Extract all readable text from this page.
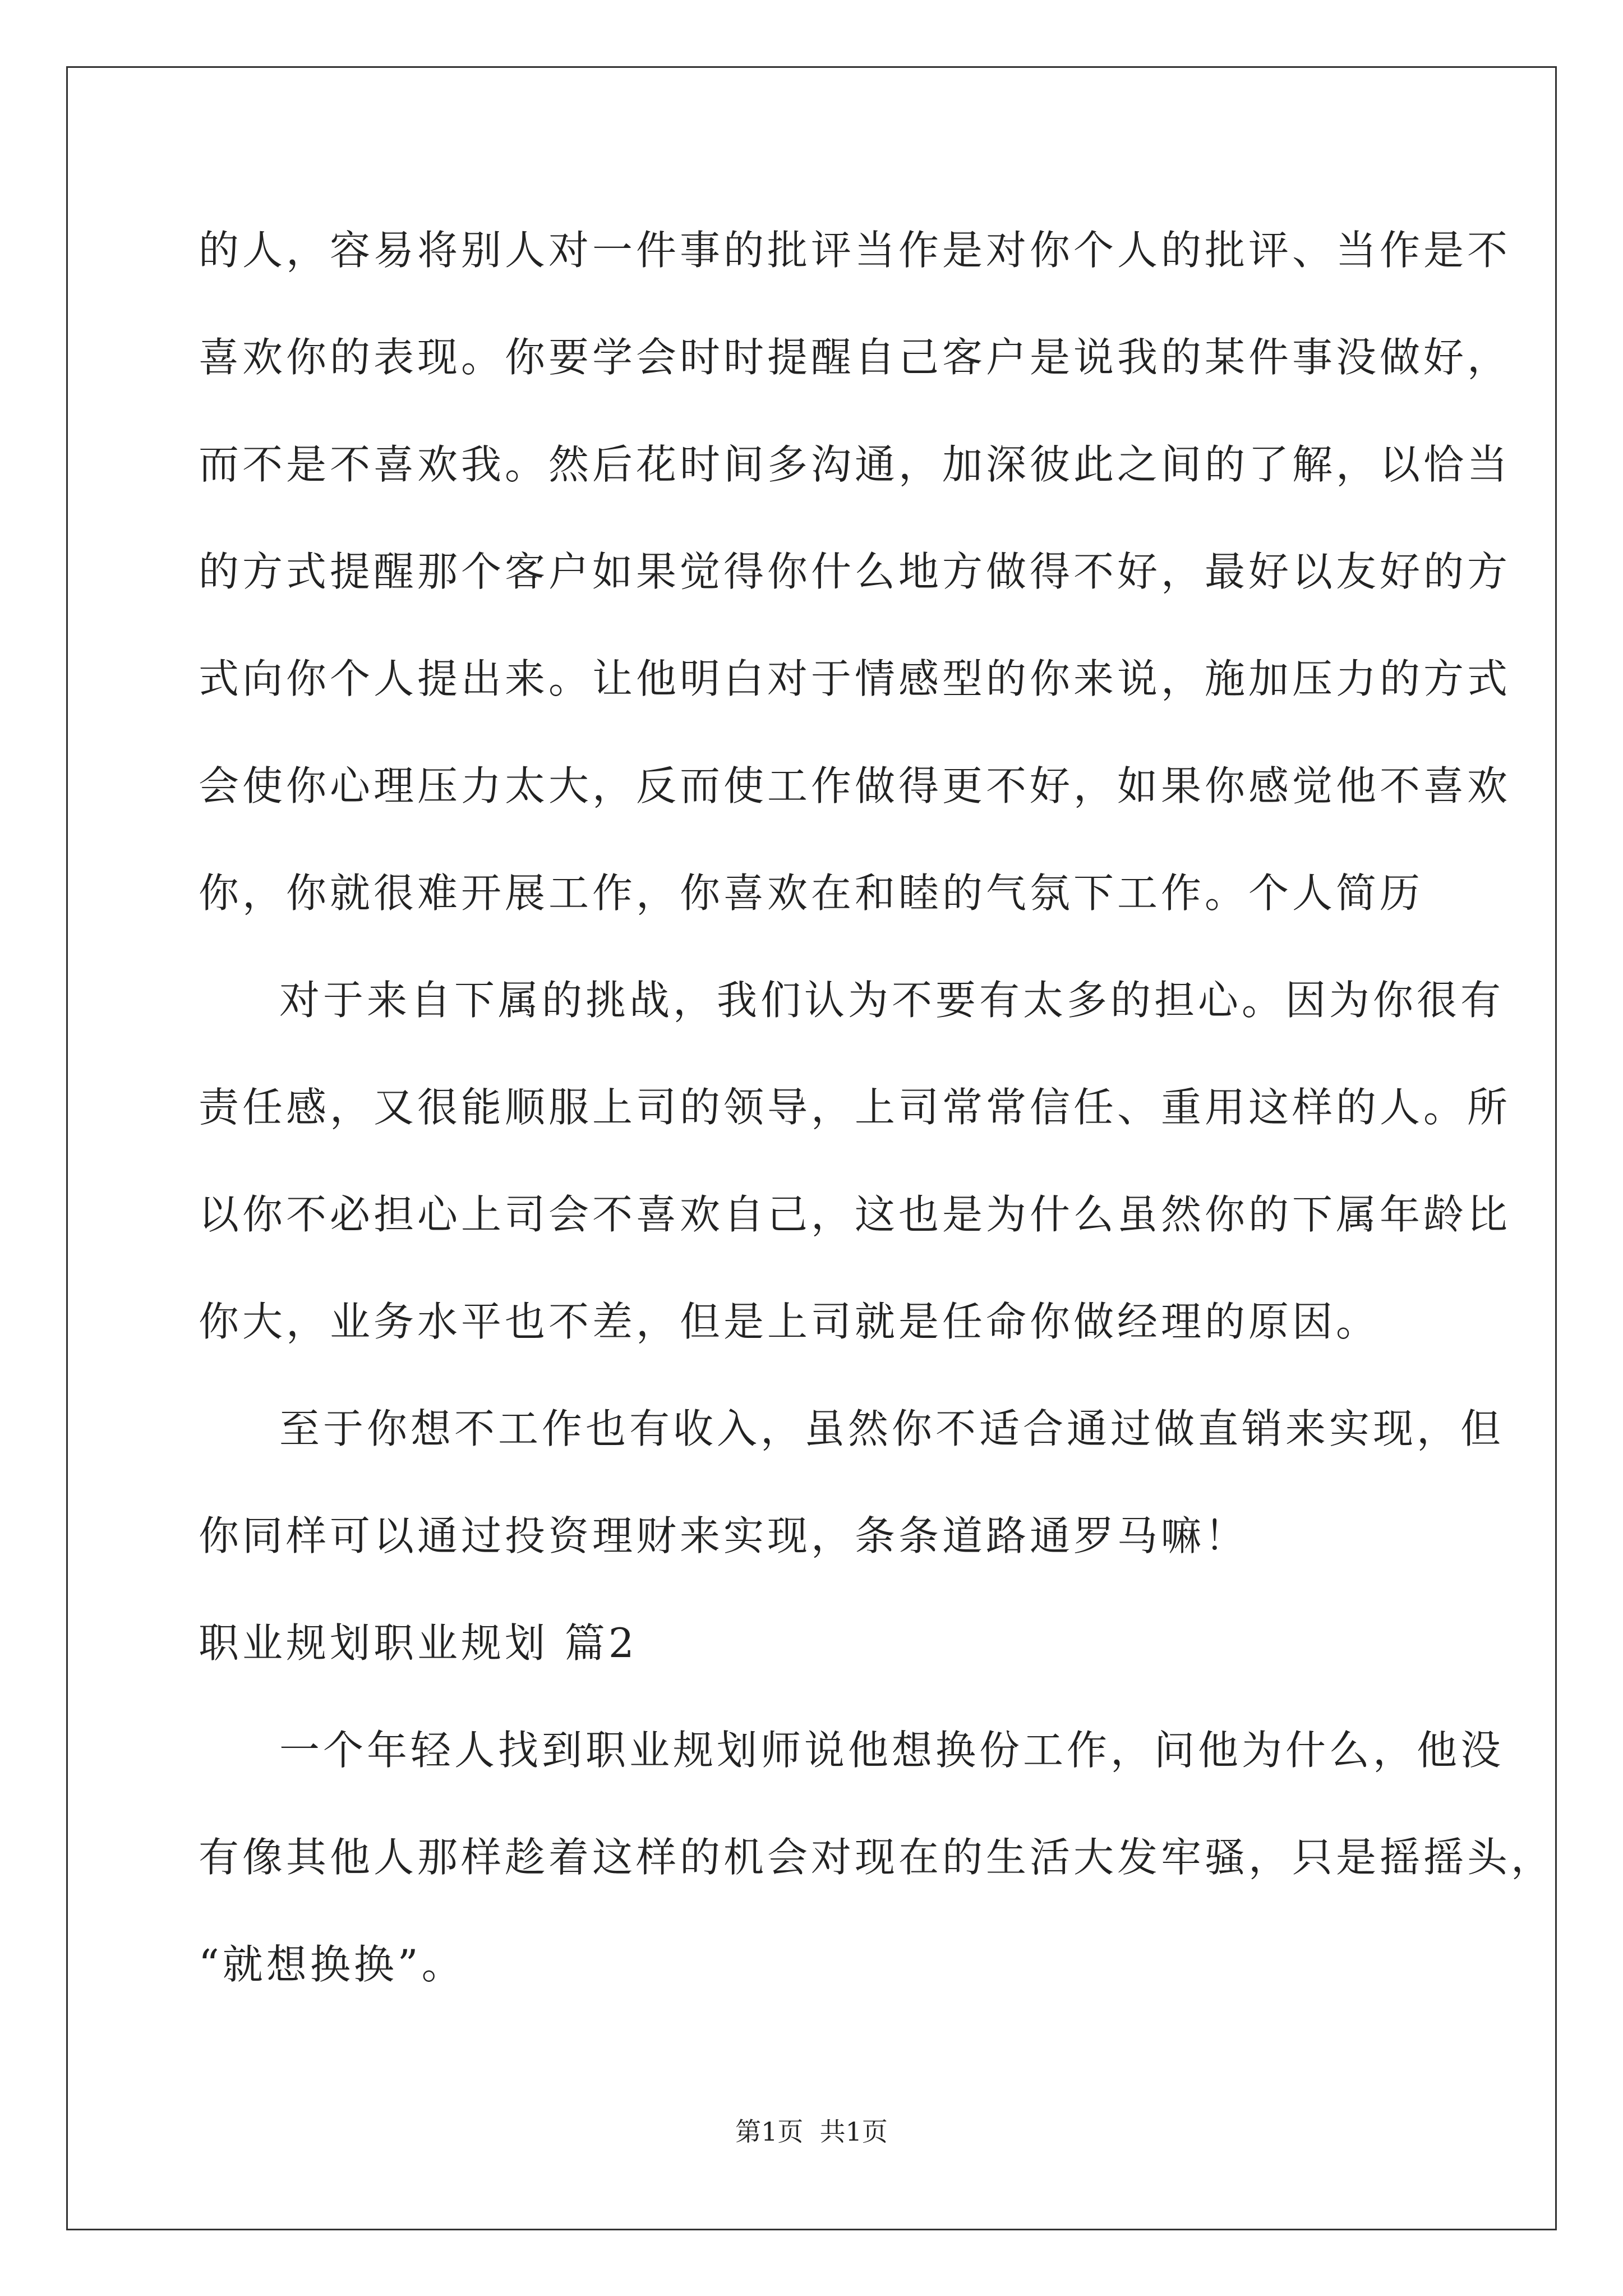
的人，容易将别人对一件事的批评当作是对你个人的批评、当作是不
喜欢你的表现。你要学会时时提醒自己客户是说我的某件事没做好，
而不是不喜欢我。然后花时间多沟通，加深彼此之间的了解，以恰当
的方式提醒那个客户如果觉得你什么地方做得不好，最好以友好的方
式向你个人提出来。让他明白对于情感型的你来说，施加压力的方式
会使你心理压力太大，反而使工作做得更不好，如果你感觉他不喜欢
你，你就很难开展工作，你喜欢在和睦的气氛下工作。个人简历
对于来自下属的挑战，我们认为不要有太多的担心。因为你很有
责任感，又很能顺服上司的领导，上司常常信任、重用这样的人。所
以你不必担心上司会不喜欢自己，这也是为什么虽然你的下属年龄比
你大，业务水平也不差，但是上司就是任命你做经理的原因。
至于你想不工作也有收入，虽然你不适合通过做直销来实现，但
你同样可以通过投资理财来实现，条条道路通罗马嘛！
职业规划职业规划 篇2
一个年轻人找到职业规划师说他想换份工作，问他为什么，他没
有像其他人那样趁着这样的机会对现在的生活大发牢骚，只是摇摇头，
“就想换换”。
第1页  共1页
